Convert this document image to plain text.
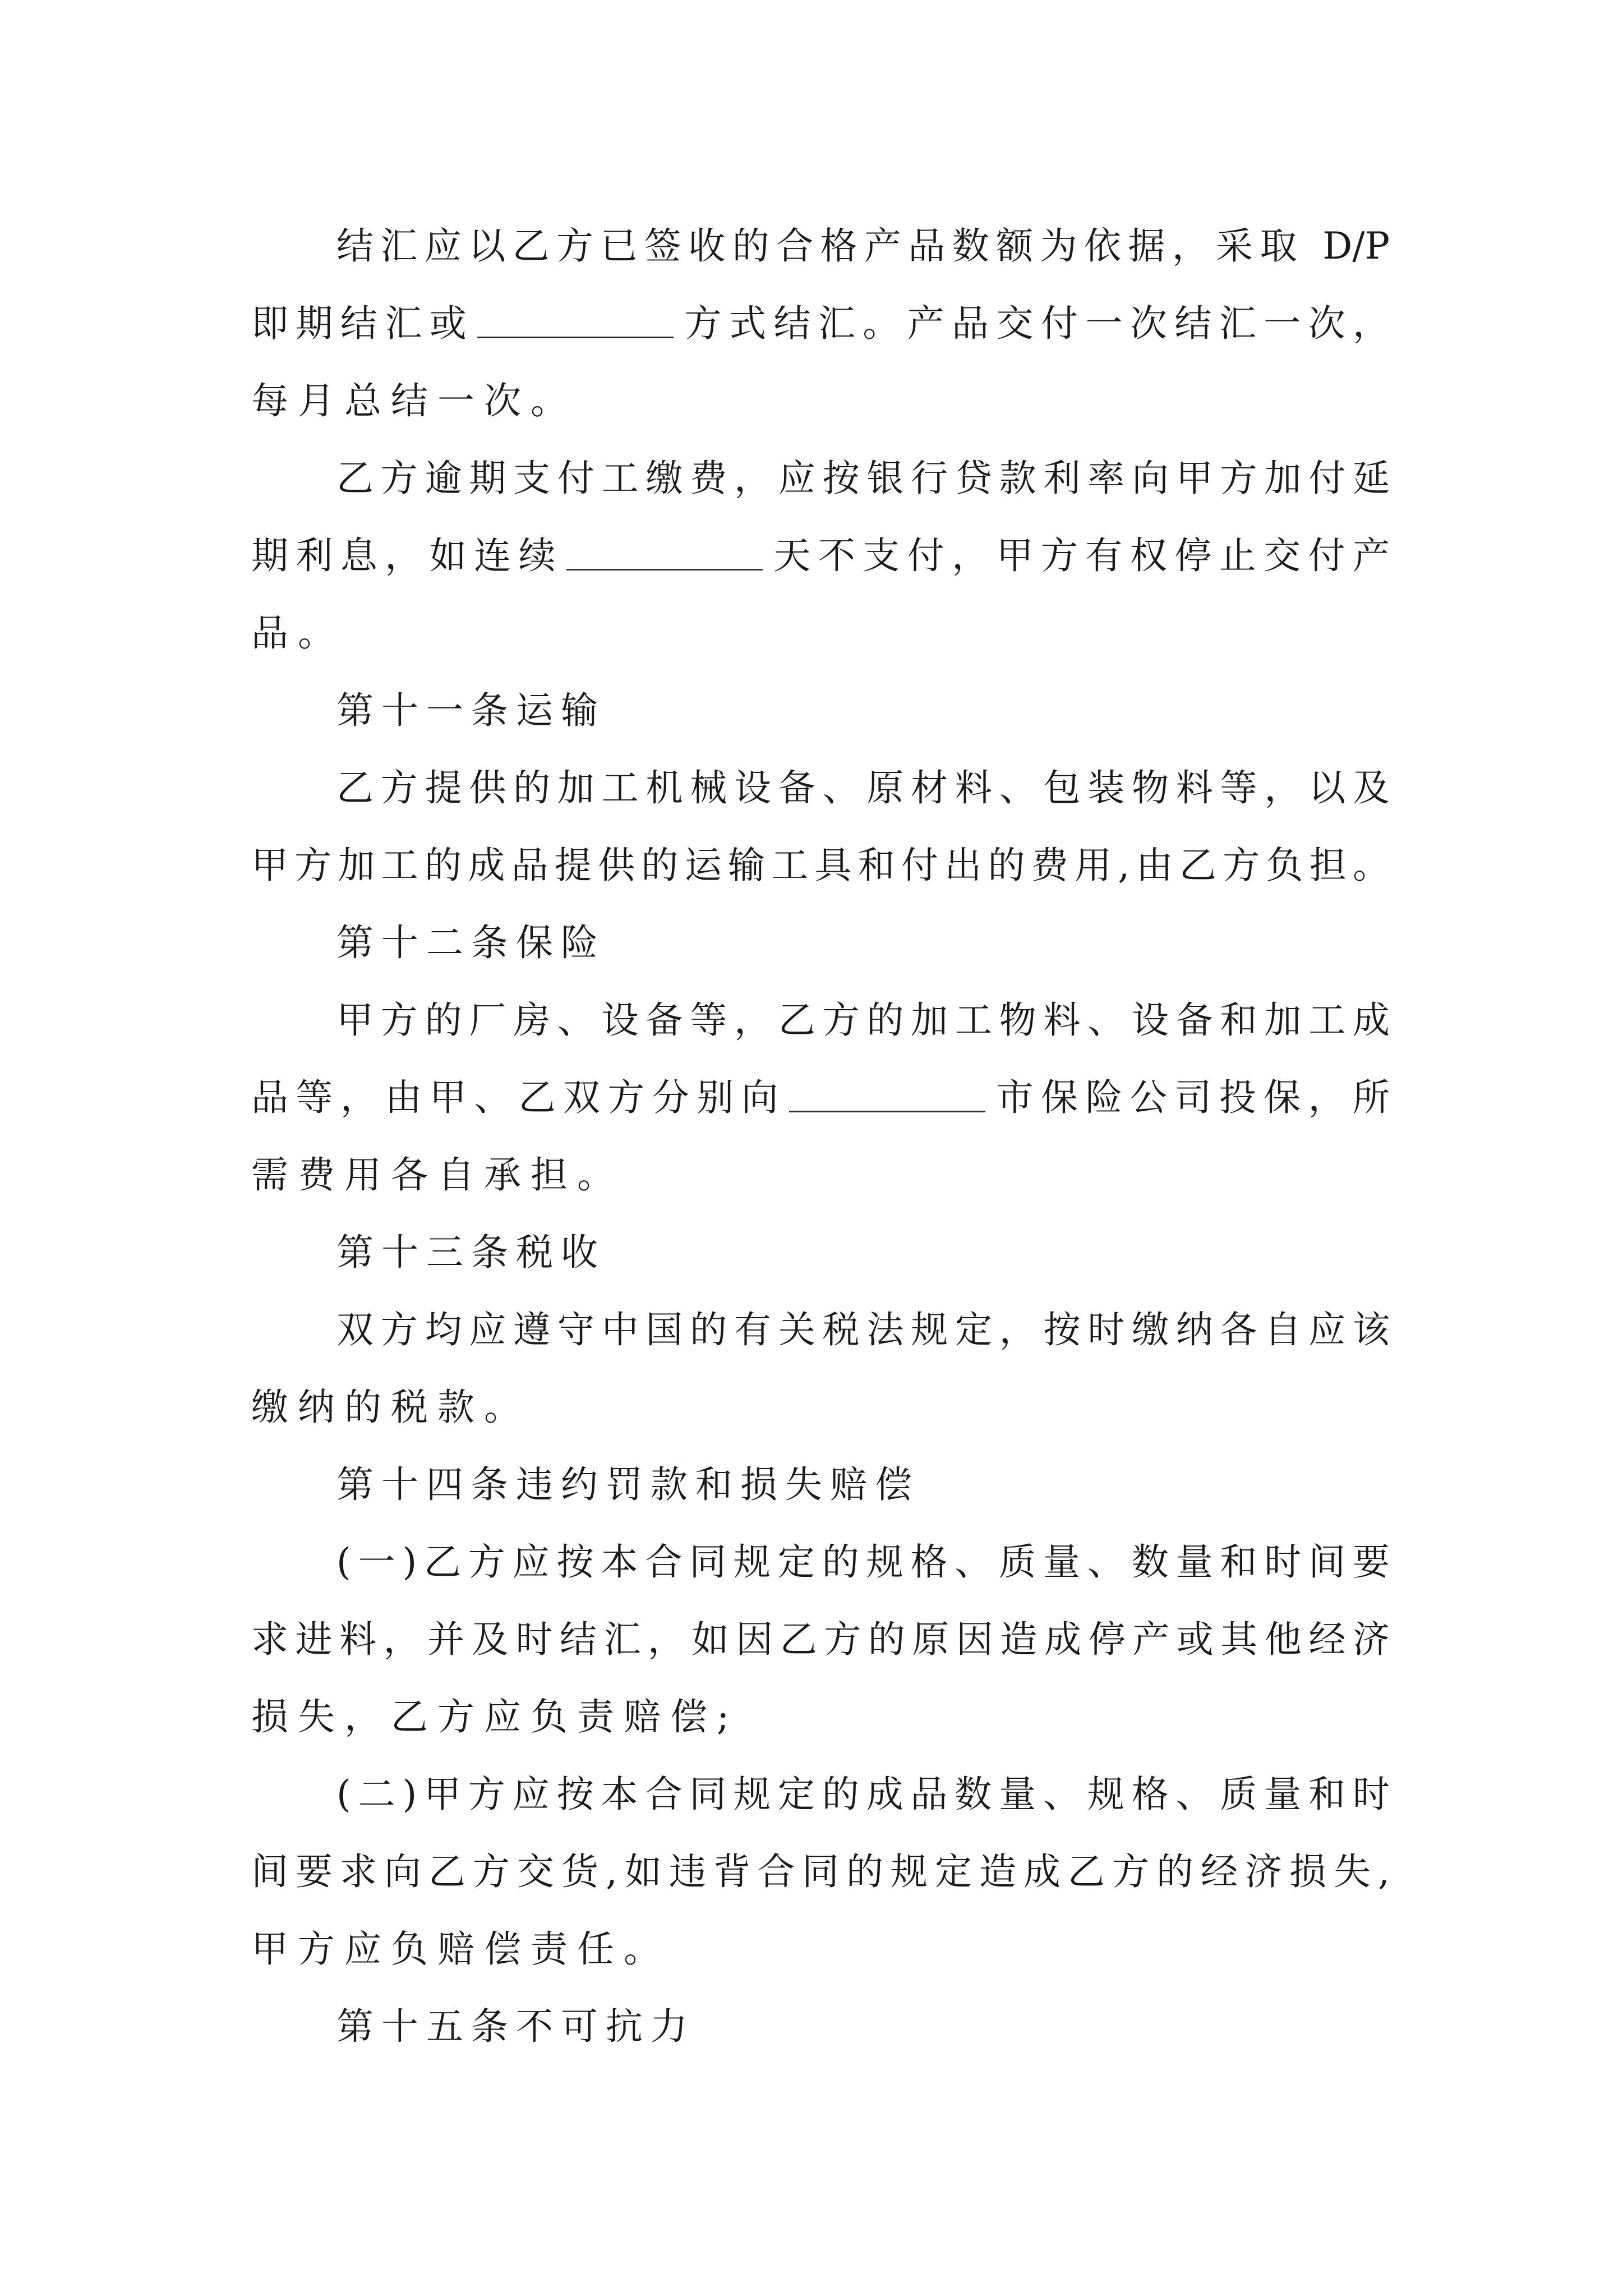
结汇应以乙方已签收的合格产品数额为依据，采取 D/P
即期结汇或	方式结汇。产品交付一次结汇一次，
每月总结一次。
乙方逾期支付工缴费，应按银行贷款利率向甲方加付延
期利息，如连续	天不支付，甲方有权停止交付产
品。
第十一条运输
乙方提供的加工机械设备、原材料、包装物料等，以及
甲方加工的成品提供的运输工具和付出的费用,由乙方负担。
第十二条保险
甲方的厂房、设备等，乙方的加工物料、设备和加工成
品等，由甲、乙双方分别向	市保险公司投保，所
需费用各自承担。
第十三条税收
双方均应遵守中国的有关税法规定，按时缴纳各自应该
缴纳的税款。
第十四条违约罚款和损失赔偿
(一)乙方应按本合同规定的规格、质量、数量和时间要
求进料，并及时结汇，如因乙方的原因造成停产或其他经济
损失，乙方应负责赔偿;
(二)甲方应按本合同规定的成品数量、规格、质量和时
间要求向乙方交货,如违背合同的规定造成乙方的经济损失,
甲方应负赔偿责任。
第十五条不可抗力
